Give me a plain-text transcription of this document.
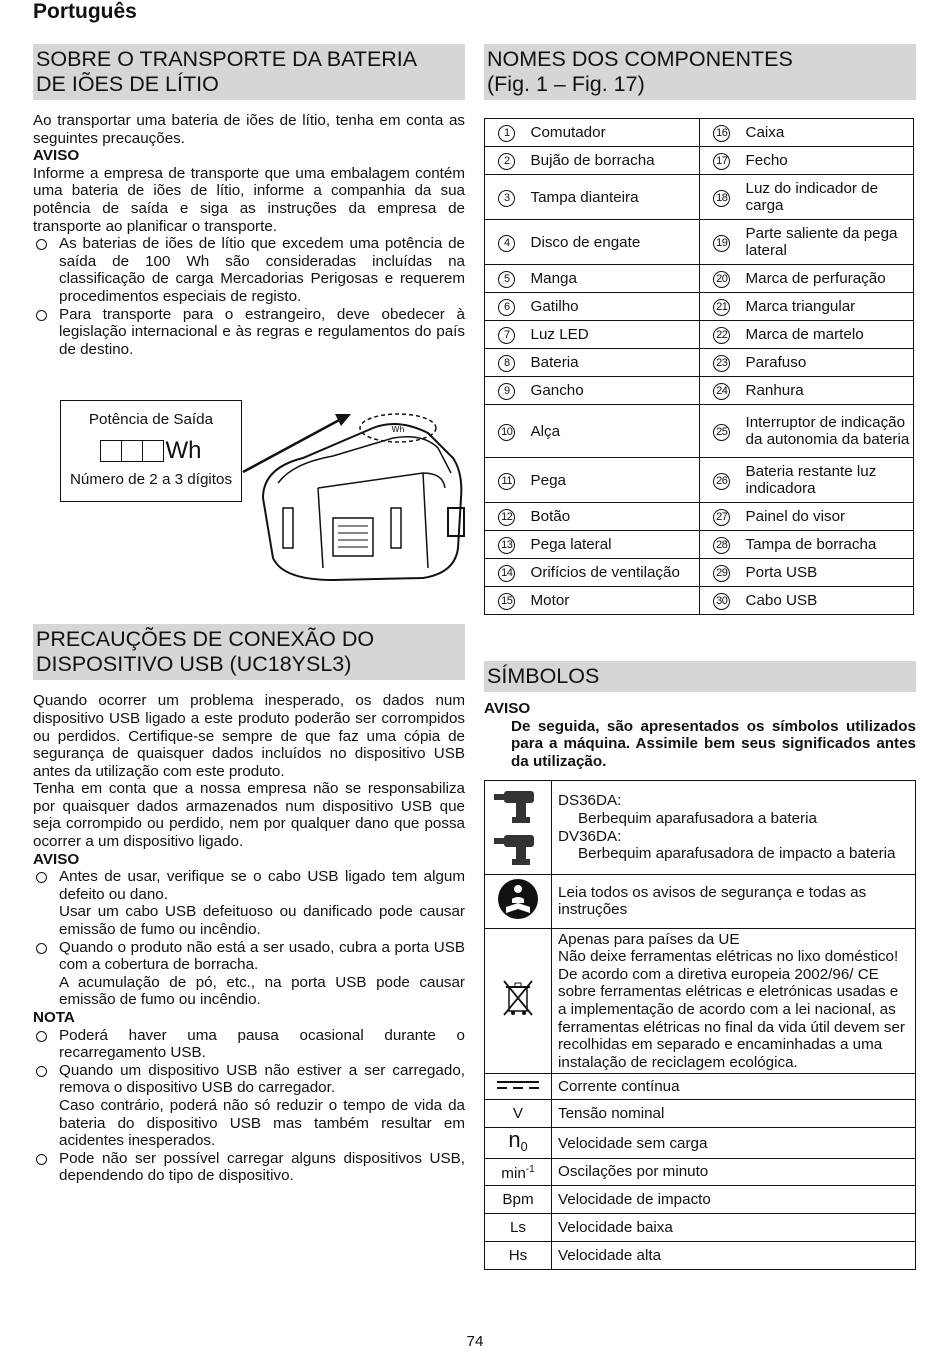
Português
SOBRE O TRANSPORTE DA BATERIA
DE IÕES DE LÍTIO

Ao transportar uma bateria de iões de lítio, tenha em conta as seguintes precauções.

AVISO

Informe a empresa de transporte que uma embalagem contém uma bateria de iões de lítio, informe a companhia da sua potência de saída e siga as instruções da empresa de transporte ao planificar o transporte.

As baterias de iões de lítio que excedem uma potência de saída de 100 Wh são consideradas incluídas na classificação de carga Mercadorias Perigosas e requerem procedimentos especiais de registo.
Para transporte para o estrangeiro, deve obedecer à legislação internacional e às regras e regulamentos do país de destino.
Potência de Saída
Wh
Número de 2 a 3 dígitos
Wh
PRECAUÇÕES DE CONEXÃO DO
DISPOSITIVO USB (UC18YSL3)

Quando ocorrer um problema inesperado, os dados num dispositivo USB ligado a este produto poderão ser corrompidos ou perdidos. Certifique-se sempre de que faz uma cópia de segurança de quaisquer dados incluídos no dispositivo USB antes da utilização com este produto.

Tenha em conta que a nossa empresa não se responsabiliza por quaisquer dados armazenados num dispositivo USB que seja corrompido ou perdido, nem por qualquer dano que possa ocorrer a um dispositivo ligado.

AVISO
Antes de usar, verifique se o cabo USB ligado tem algum defeito ou dano.
Usar um cabo USB defeituoso ou danificado pode causar emissão de fumo ou incêndio.
Quando o produto não está a ser usado, cubra a porta USB com a cobertura de borracha.
A acumulação de pó, etc., na porta USB pode causar emissão de fumo ou incêndio.
NOTA
Poderá haver uma pausa ocasional durante o recarregamento USB.
Quando um dispositivo USB não estiver a ser carregado, remova o dispositivo USB do carregador.
Caso contrário, poderá não só reduzir o tempo de vida da bateria do dispositivo USB mas também resultar em acidentes inesperados.
Pode não ser possível carregar alguns dispositivos USB, dependendo do tipo de dispositivo.
NOMES DOS COMPONENTES
(Fig. 1 – Fig. 17)
1	Comutador	16	Caixa
2	Bujão de borracha	17	Fecho
3	Tampa dianteira	18	Luz do indicador de carga
4	Disco de engate	19	Parte saliente da pega lateral
5	Manga	20	Marca de perfuração
6	Gatilho	21	Marca triangular
7	Luz LED	22	Marca de martelo
8	Bateria	23	Parafuso
9	Gancho	24	Ranhura
10	Alça	25	Interruptor de indicação da autonomia da bateria
11	Pega	26	Bateria restante luz indicadora
12	Botão	27	Painel do visor
13	Pega lateral	28	Tampa de borracha
14	Orifícios de ventilação	29	Porta USB
15	Motor	30	Cabo USB
SÍMBOLOS
AVISO

De seguida, são apresentados os símbolos utilizados para a máquina. Assimile bem seus significados antes da utilização.

DS36DA:
Berbequim aparafusadora a bateria
DV36DA:
Berbequim aparafusadora de impacto a bateria

	Leia todos os avisos de segurança e todas as instruções
	Apenas para países da UE
Não deixe ferramentas elétricas no lixo doméstico!
De acordo com a diretiva europeia 2002/96/ CE sobre ferramentas elétricas e eletrónicas usadas e a implementação de acordo com a lei nacional, as ferramentas elétricas no final da vida útil devem ser recolhidas em separado e encaminhadas a uma instalação de reciclagem ecológica.
	Corrente contínua
V	Tensão nominal
$n_0$	Velocidade sem carga
$\min^{-1}$	Oscilações por minuto
Bpm	Velocidade de impacto
Ls	Velocidade baixa
Hs	Velocidade alta
74
